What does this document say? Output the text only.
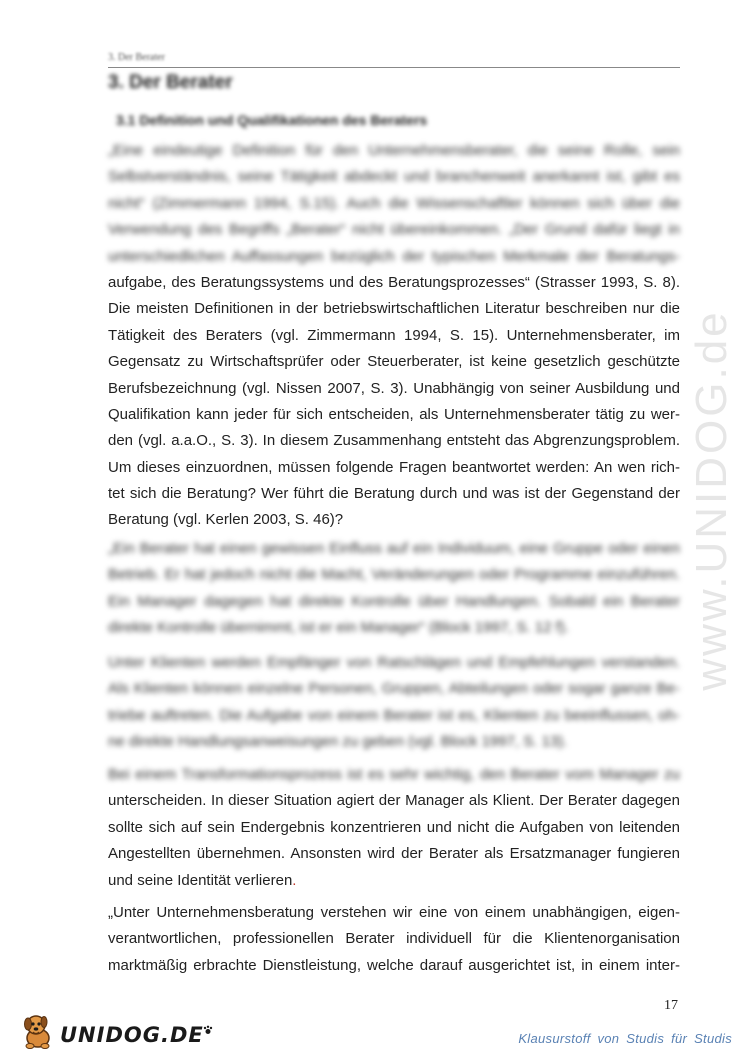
3. Der Berater
3. Der Berater
3.1 Definition und Qualifikationen des Beraters

„Eine eindeutige Definition für den Unternehmensberater, die seine Rolle, sein
Selbstverständnis, seine Tätigkeit abdeckt und branchenweit anerkannt ist, gibt es
nicht“ (Zimmermann 1994, S.15). Auch die Wissenschaftler können sich über die
Verwendung des Begriffs „Berater“ nicht übereinkommen. „Der Grund dafür liegt in
unterschiedlichen Auffassungen bezüglich der typischen Merkmale der Beratungs-
aufgabe, des Beratungssystems und des Beratungsprozesses“ (Strasser 1993, S. 8).
Die meisten Definitionen in der betriebswirtschaftlichen Literatur beschreiben nur die
Tätigkeit des Beraters (vgl. Zimmermann 1994, S. 15). Unternehmensberater, im
Gegensatz zu Wirtschaftsprüfer oder Steuerberater, ist keine gesetzlich geschützte
Berufsbezeichnung (vgl. Nissen 2007, S. 3). Unabhängig von seiner Ausbildung und
Qualifikation kann jeder für sich entscheiden, als Unternehmensberater tätig zu wer-
den (vgl. a.a.O., S. 3). In diesem Zusammenhang entsteht das Abgrenzungsproblem.
Um dieses einzuordnen, müssen folgende Fragen beantwortet werden: An wen rich-
tet sich die Beratung? Wer führt die Beratung durch und was ist der Gegenstand der
Beratung (vgl. Kerlen 2003, S. 46)?

„Ein Berater hat einen gewissen Einfluss auf ein Individuum, eine Gruppe oder einen
Betrieb. Er hat jedoch nicht die Macht, Veränderungen oder Programme einzuführen.
Ein Manager dagegen hat direkte Kontrolle über Handlungen. Sobald ein Berater
direkte Kontrolle übernimmt, ist er ein Manager“ (Block 1997, S. 12 f).

Unter Klienten werden Empfänger von Ratschlägen und Empfehlungen verstanden.
Als Klienten können einzelne Personen, Gruppen, Abteilungen oder sogar ganze Be-
triebe auftreten. Die Aufgabe von einem Berater ist es, Klienten zu beeinflussen, oh-
ne direkte Handlungsanweisungen zu geben (vgl. Block 1997, S. 13).

Bei einem Transformationsprozess ist es sehr wichtig, den Berater vom Manager zu
unterscheiden. In dieser Situation agiert der Manager als Klient. Der Berater dagegen
sollte sich auf sein Endergebnis konzentrieren und nicht die Aufgaben von leitenden
Angestellten übernehmen. Ansonsten wird der Berater als Ersatzmanager fungieren
und seine Identität verlieren.

„Unter Unternehmensberatung verstehen wir eine von einem unabhängigen, eigen-
verantwortlichen, professionellen Berater individuell für die Klientenorganisation
marktmäßig erbrachte Dienstleistung, welche darauf ausgerichtet ist, in einem inter-

17
www.UNIDOG.de
UNIDOG.DE	Klausurstoff von Studis für Studis
